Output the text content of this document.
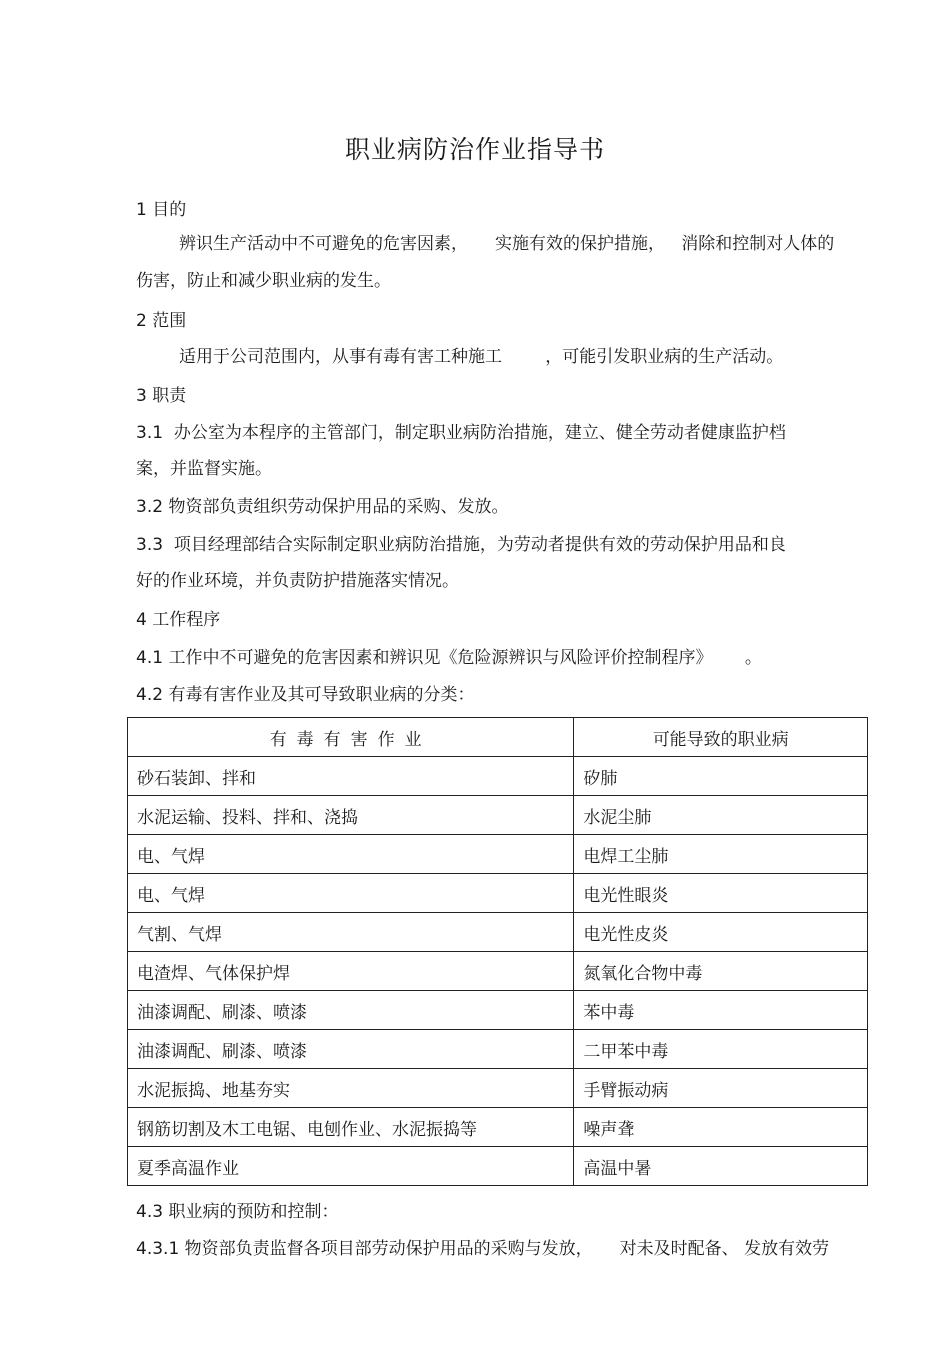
职业病防治作业指导书
1 目的
辨识生产活动中不可避免的危害因素，     实施有效的保护措施，   消除和控制对人体的
伤害，防止和减少职业病的发生。
2 范围
适用于公司范围内，从事有毒有害工种施工        ，可能引发职业病的生产活动。
3 职责
3.1  办公室为本程序的主管部门，制定职业病防治措施，建立、健全劳动者健康监护档
案，并监督实施。
3.2 物资部负责组织劳动保护用品的采购、发放。
3.3  项目经理部结合实际制定职业病防治措施，为劳动者提供有效的劳动保护用品和良
好的作业环境，并负责防护措施落实情况。
4 工作程序
4.1 工作中不可避免的危害因素和辨识见《危险源辨识与风险评价控制程序》      。
4.2 有毒有害作业及其可导致职业病的分类：
有毒有害作业	可能导致的职业病
砂石装卸、拌和	矽肺
水泥运输、投料、拌和、浇捣	水泥尘肺
电、气焊	电焊工尘肺
电、气焊	电光性眼炎
气割、气焊	电光性皮炎
电渣焊、气体保护焊	氮氧化合物中毒
油漆调配、刷漆、喷漆	苯中毒
油漆调配、刷漆、喷漆	二甲苯中毒
水泥振捣、地基夯实	手臂振动病
钢筋切割及木工电锯、电刨作业、水泥振捣等	噪声聋
夏季高温作业	高温中暑
4.3 职业病的预防和控制：
4.3.1 物资部负责监督各项目部劳动保护用品的采购与发放，     对未及时配备、 发放有效劳
